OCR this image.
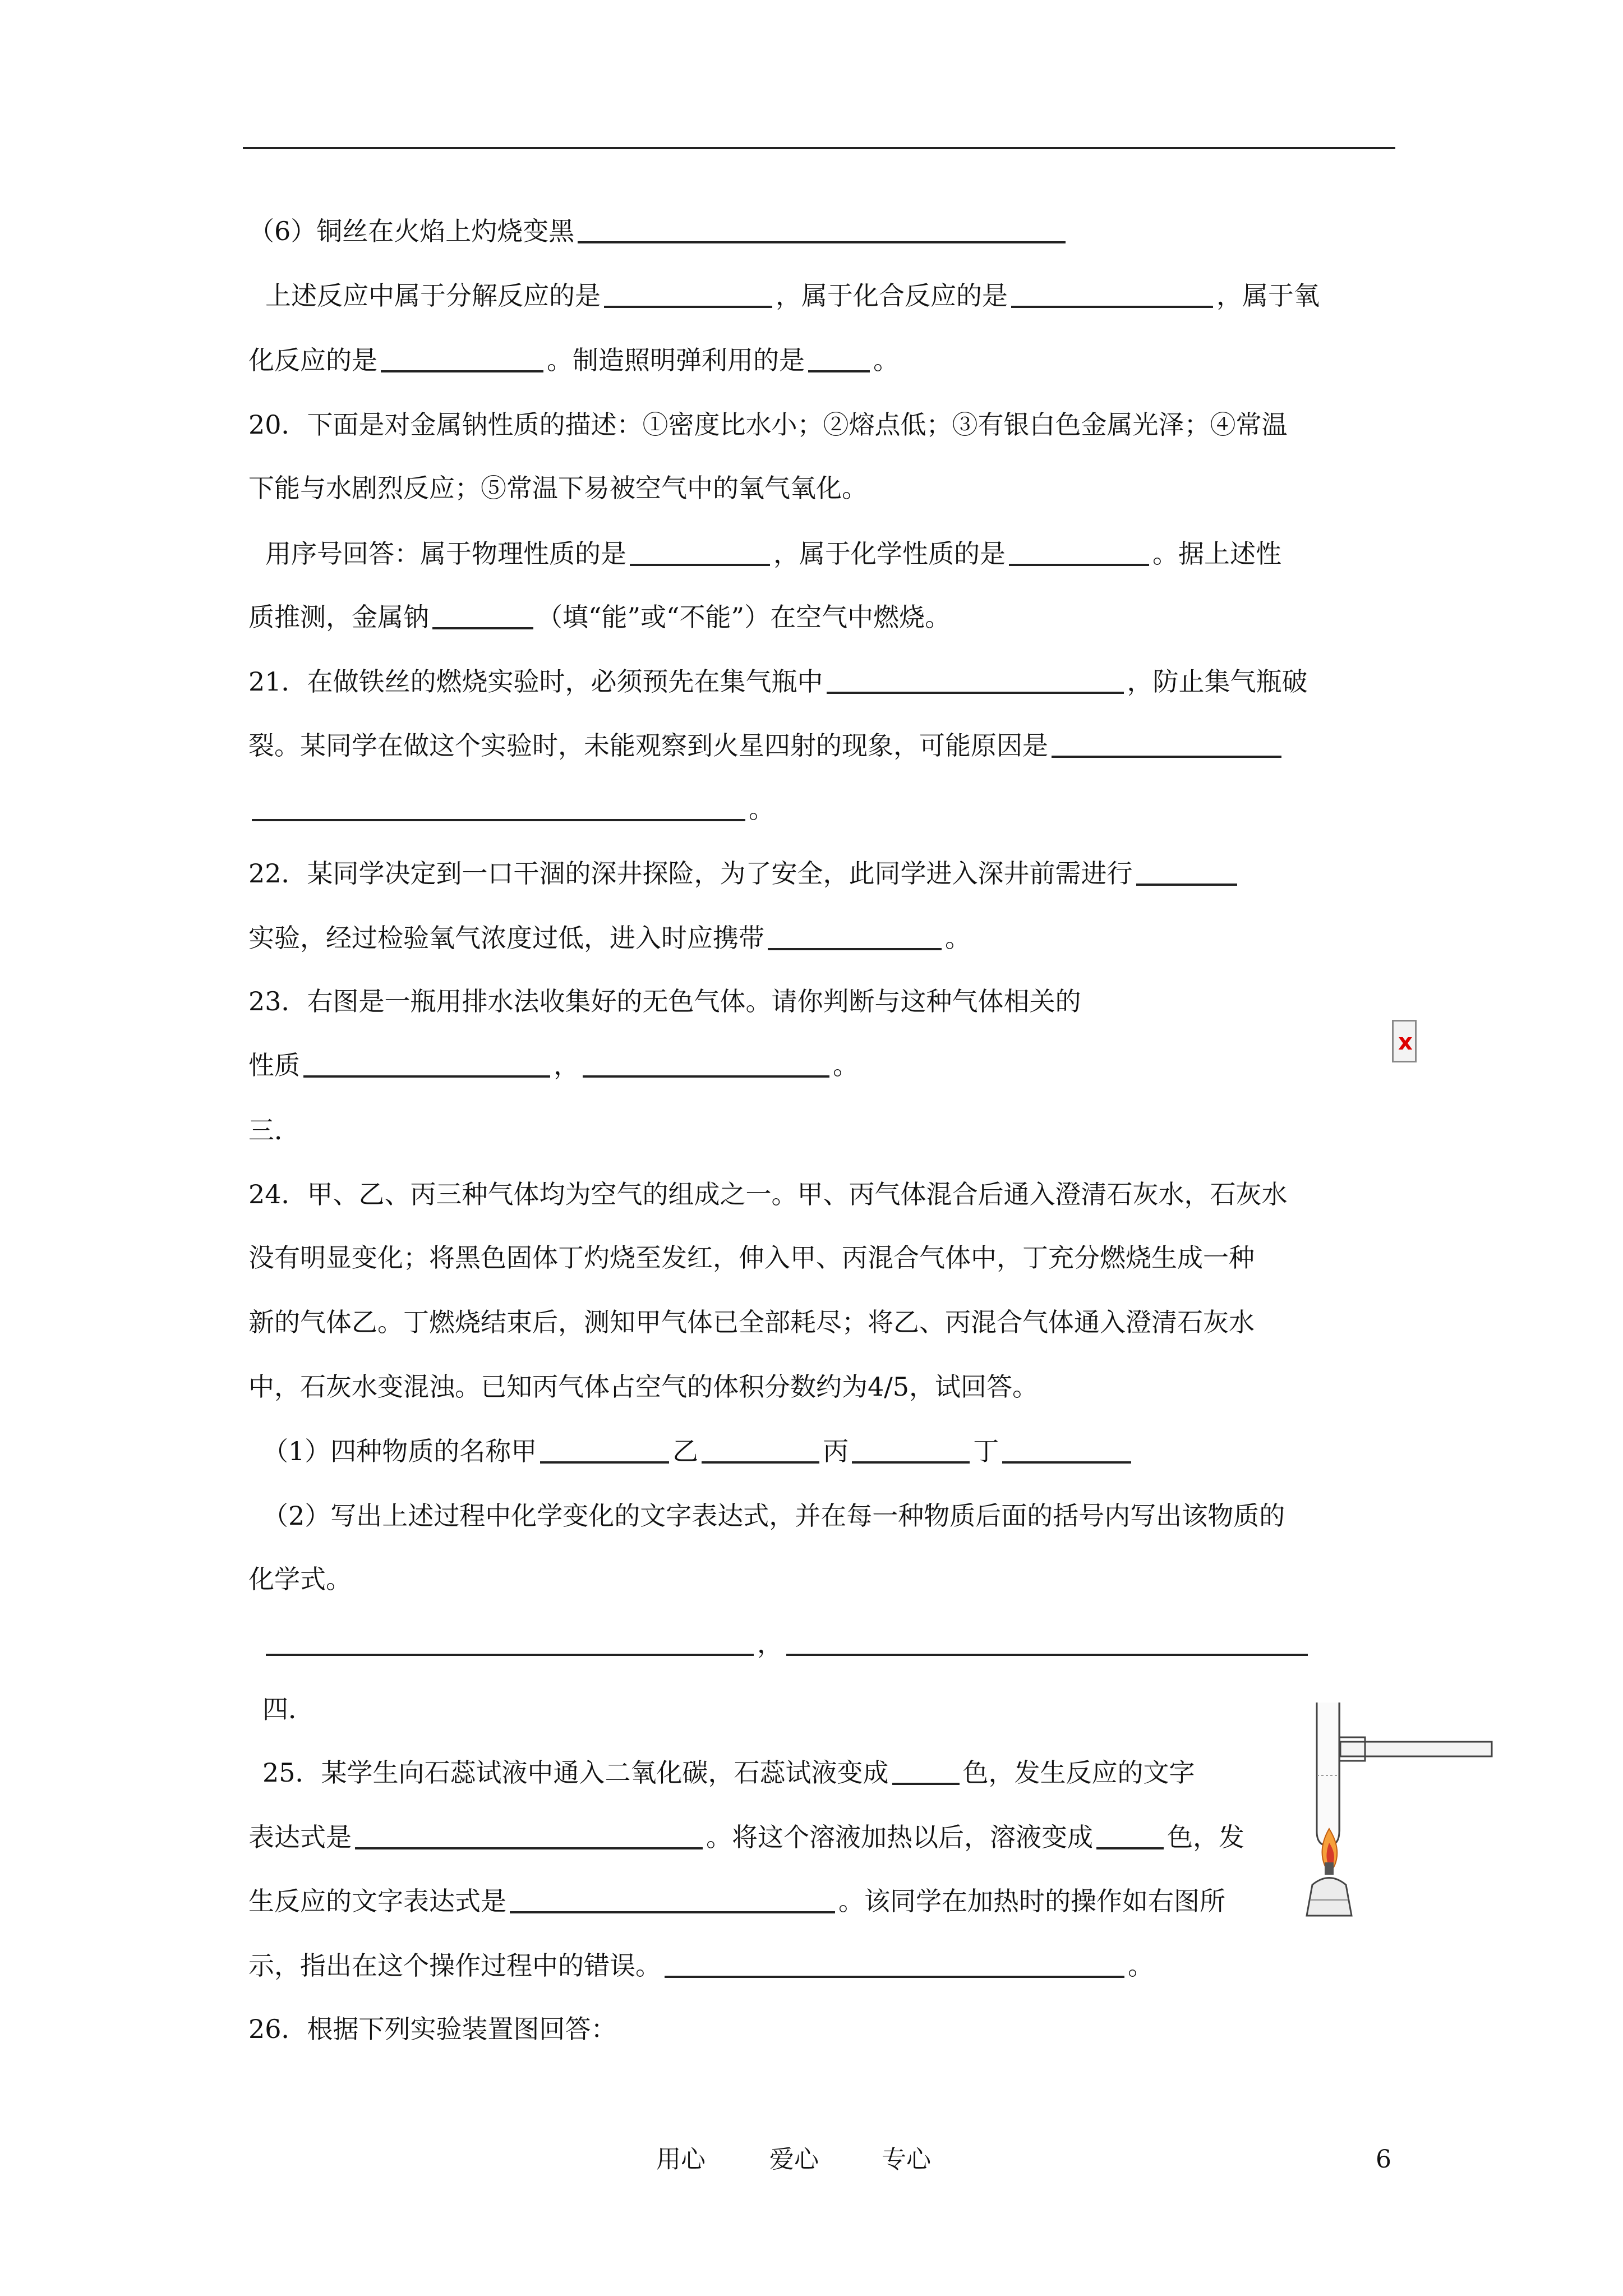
（6）铜丝在火焰上灼烧变黑
上述反应中属于分解反应的是	，属于化合反应的是	，属于氧
化反应的是	。制造照明弹利用的是	。
20．下面是对金属钠性质的描述：①密度比水小；②熔点低；③有银白色金属光泽；④常温
下能与水剧烈反应；⑤常温下易被空气中的氧气氧化。
用序号回答：属于物理性质的是	，属于化学性质的是	。据上述性
质推测，金属钠	（填“能”或“不能”）在空气中燃烧。
21．在做铁丝的燃烧实验时，必须预先在集气瓶中	，防止集气瓶破
裂。某同学在做这个实验时，未能观察到火星四射的现象，可能原因是
。
22．某同学决定到一口干涸的深井探险，为了安全，此同学进入深井前需进行
实验，经过检验氧气浓度过低，进入时应携带	。
23．右图是一瓶用排水法收集好的无色气体。请你判断与这种气体相关的
性质	，	。
三．
24．甲、乙、丙三种气体均为空气的组成之一。甲、丙气体混合后通入澄清石灰水，石灰水
没有明显变化；将黑色固体丁灼烧至发红，伸入甲、丙混合气体中，丁充分燃烧生成一种
新的气体乙。丁燃烧结束后，测知甲气体已全部耗尽；将乙、丙混合气体通入澄清石灰水
中，石灰水变混浊。已知丙气体占空气的体积分数约为4/5，试回答。
（1）四种物质的名称甲	乙	丙	丁
（2）写出上述过程中化学变化的文字表达式，并在每一种物质后面的括号内写出该物质的
化学式。
，
四．
25．某学生向石蕊试液中通入二氧化碳，石蕊试液变成	色，发生反应的文字
表达式是	。将这个溶液加热以后，溶液变成	色，发
生反应的文字表达式是	。该同学在加热时的操作如右图所
示，指出在这个操作过程中的错误。	。
26．根据下列实验装置图回答：
x
用心	爱心	专心	6
